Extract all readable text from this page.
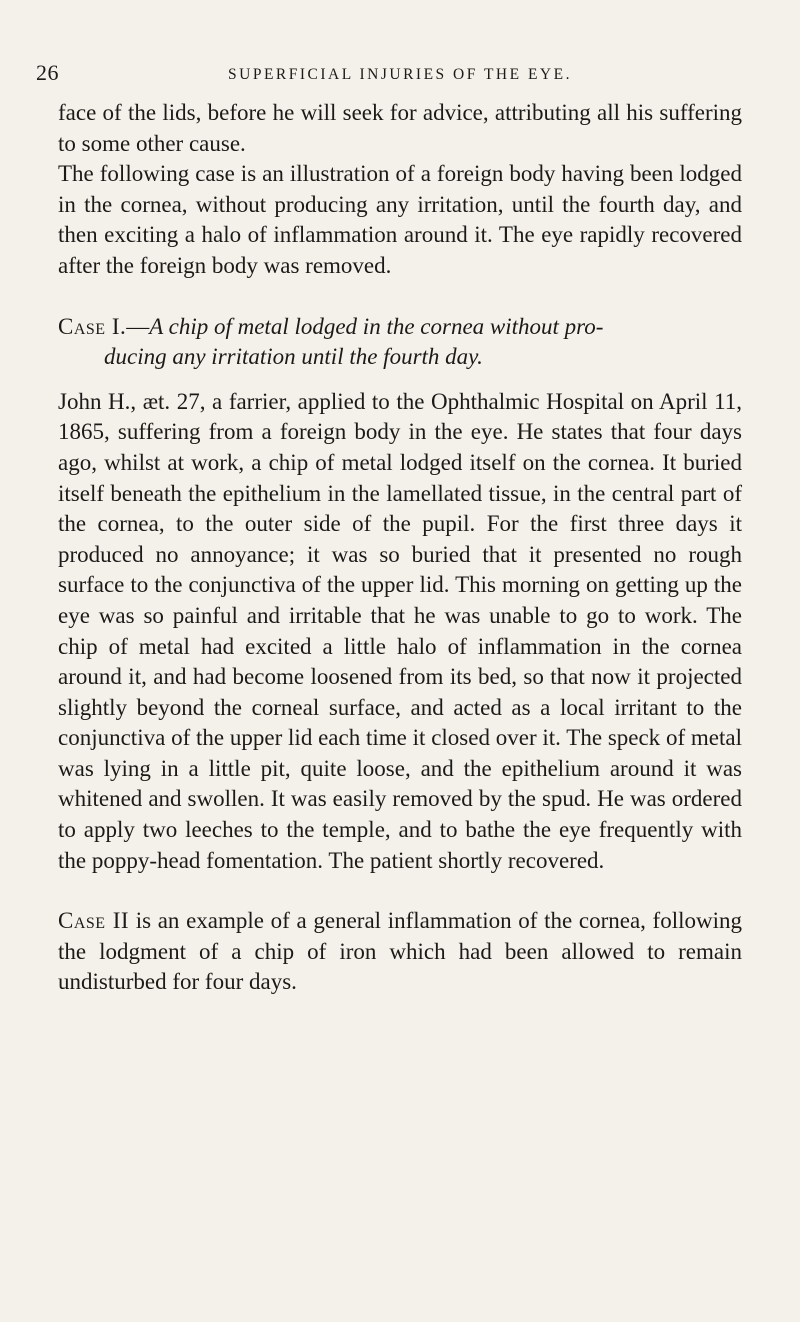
26	SUPERFICIAL INJURIES OF THE EYE.

face of the lids, before he will seek for advice, attributing all his suffering to some other cause.

The following case is an illustration of a foreign body having been lodged in the cornea, without producing any irritation, until the fourth day, and then exciting a halo of inflammation around it. The eye rapidly recovered after the foreign body was removed.

Case I.—A chip of metal lodged in the cornea without pro-
ducing any irritation until the fourth day.

John H., æt. 27, a farrier, applied to the Ophthalmic Hospital on April 11, 1865, suffering from a foreign body in the eye. He states that four days ago, whilst at work, a chip of metal lodged itself on the cornea. It buried itself beneath the epithelium in the lamellated tissue, in the central part of the cornea, to the outer side of the pupil. For the first three days it produced no annoyance; it was so buried that it presented no rough surface to the conjunctiva of the upper lid. This morning on getting up the eye was so painful and irritable that he was unable to go to work. The chip of metal had excited a little halo of inflammation in the cornea around it, and had become loosened from its bed, so that now it projected slightly beyond the corneal surface, and acted as a local irritant to the conjunctiva of the upper lid each time it closed over it. The speck of metal was lying in a little pit, quite loose, and the epithelium around it was whitened and swollen. It was easily removed by the spud. He was ordered to apply two leeches to the temple, and to bathe the eye frequently with the poppy-head fomentation. The patient shortly recovered.

Case II is an example of a general inflammation of the cornea, following the lodgment of a chip of iron which had been allowed to remain undisturbed for four days.
